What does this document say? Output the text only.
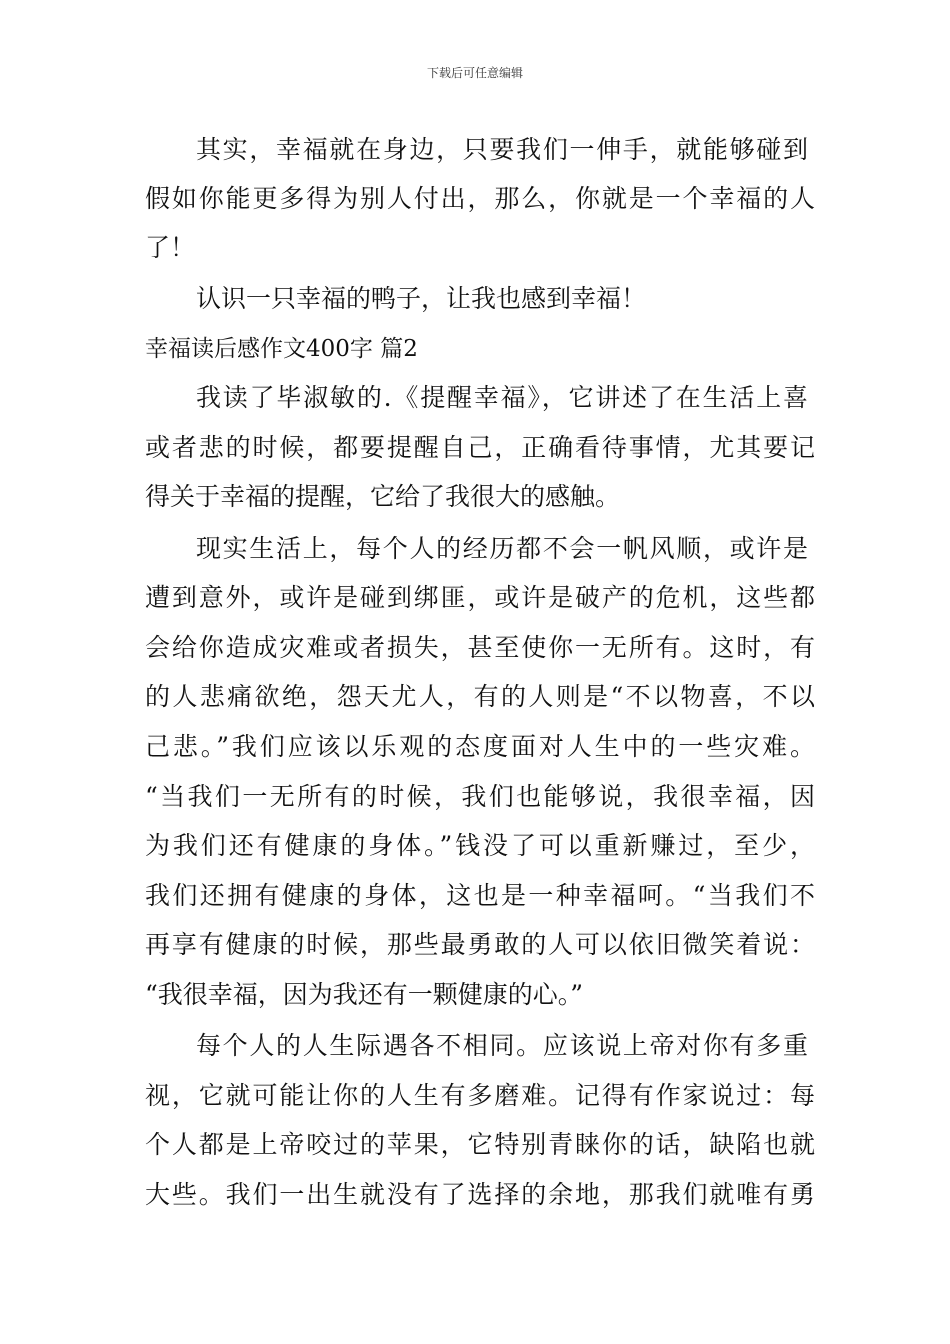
下载后可任意编辑
其实，幸福就在身边，只要我们一伸手，就能够碰到
假如你能更多得为别人付出，那么，你就是一个幸福的人
了！
认识一只幸福的鸭子，让我也感到幸福！
幸福读后感作文400字 篇2
我读了毕淑敏的.《提醒幸福》，它讲述了在生活上喜
或者悲的时候，都要提醒自己，正确看待事情，尤其要记
得关于幸福的提醒，它给了我很大的感触。
现实生活上，每个人的经历都不会一帆风顺，或许是
遭到意外，或许是碰到绑匪，或许是破产的危机，这些都
会给你造成灾难或者损失，甚至使你一无所有。这时，有
的人悲痛欲绝，怨天尤人，有的人则是“不以物喜，不以
己悲。”我们应该以乐观的态度面对人生中的一些灾难。
“当我们一无所有的时候，我们也能够说，我很幸福，因
为我们还有健康的身体。”钱没了可以重新赚过，至少，
我们还拥有健康的身体，这也是一种幸福呵。“当我们不
再享有健康的时候，那些最勇敢的人可以依旧微笑着说：
“我很幸福，因为我还有一颗健康的心。”
每个人的人生际遇各不相同。应该说上帝对你有多重
视，它就可能让你的人生有多磨难。记得有作家说过：每
个人都是上帝咬过的苹果，它特别青睐你的话，缺陷也就
大些。我们一出生就没有了选择的余地，那我们就唯有勇
